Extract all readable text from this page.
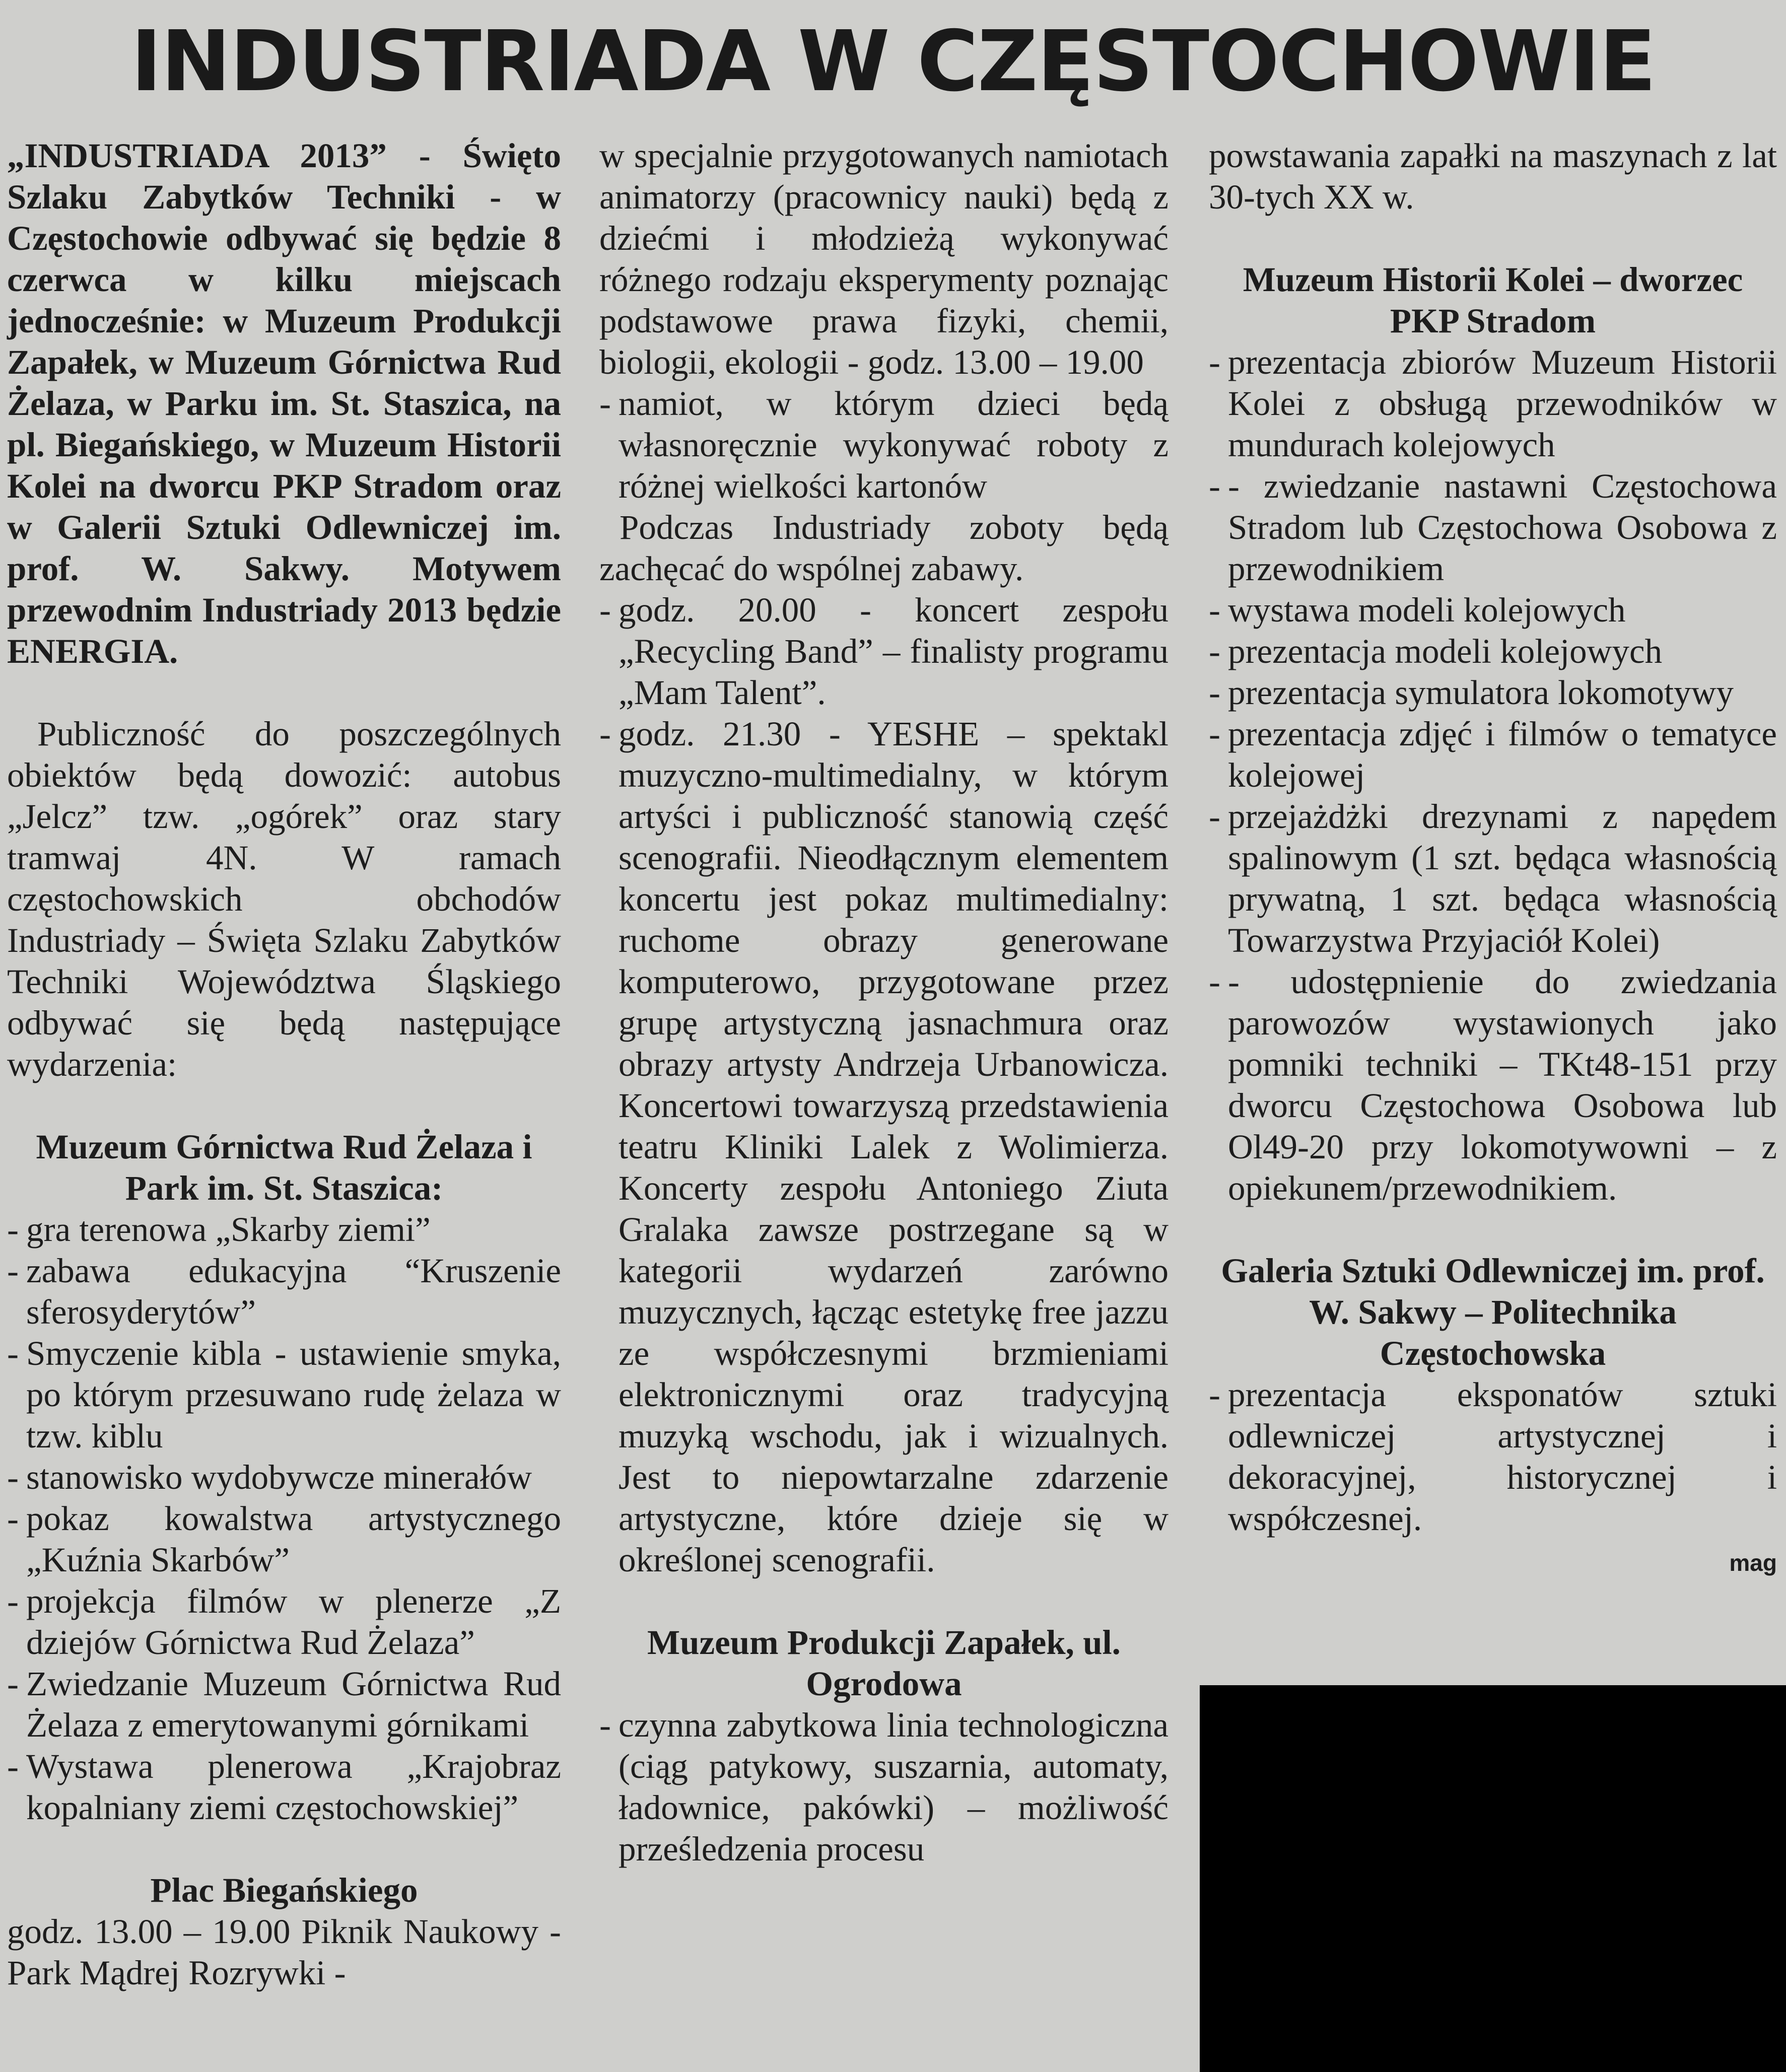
INDUSTRIADA W CZĘSTOCHOWIE

„INDUSTRIADA 2013” - Święto Szlaku Zabytków Techniki - w Częstochowie odbywać się będzie 8 czerwca w kilku miejscach jednocześnie: w Muzeum Produkcji Zapałek, w Muzeum Górnictwa Rud Żelaza, w Parku im. St. Staszica, na pl. Biegańskiego, w Muzeum Historii Kolei na dworcu PKP Stradom oraz w Galerii Sztuki Odlewniczej im. prof. W. Sakwy. Motywem przewodnim Industriady 2013 będzie ENERGIA.

Publiczność do poszczególnych obiektów będą dowozić: autobus „Jelcz” tzw. „ogórek” oraz stary tramwaj 4N. W ramach częstochowskich obchodów Industriady – Święta Szlaku Zabytków Techniki Województwa Śląskiego odbywać się będą następujące wydarzenia:

Muzeum Górnictwa Rud Żelaza i Park im. St. Staszica:

- gra terenowa „Skarby ziemi”
- zabawa edukacyjna “Kruszenie sferosyderytów”
- Smyczenie kibla - ustawienie smyka, po którym przesuwano rudę żelaza w tzw. kiblu
- stanowisko wydobywcze minerałów
- pokaz kowalstwa artystycznego „Kuźnia Skarbów”
- projekcja filmów w plenerze „Z dziejów Górnictwa Rud Żelaza”
- Zwiedzanie Muzeum Górnictwa Rud Żelaza z emerytowanymi górnikami
- Wystawa plenerowa „Krajobraz kopalniany ziemi częstochowskiej”

Plac Biegańskiego

godz. 13.00 – 19.00 Piknik Naukowy - Park Mądrej Rozrywki -

w specjalnie przygotowanych namiotach animatorzy (pracownicy nauki) będą z dziećmi i młodzieżą wykonywać różnego rodzaju eksperymenty poznając podstawowe prawa fizyki, chemii, biologii, ekologii - godz. 13.00 – 19.00

- namiot, w którym dzieci będą własnoręcznie wykonywać roboty z różnej wielkości kartonów

Podczas Industriady zoboty będą zachęcać do wspólnej zabawy.

- godz. 20.00 - koncert zespołu „Recycling Band” – finalisty programu „Mam Talent”.
- godz. 21.30 - YESHE – spektakl muzyczno-multimedialny, w którym artyści i publiczność stanowią część scenografii. Nieodłącznym elementem koncertu jest pokaz multimedialny: ruchome obrazy generowane komputerowo, przygotowane przez grupę artystyczną jasnachmura oraz obrazy artysty Andrzeja Urbanowicza. Koncertowi towarzyszą przedstawienia teatru Kliniki Lalek z Wolimierza. Koncerty zespołu Antoniego Ziuta Gralaka zawsze postrzegane są w kategorii wydarzeń zarówno muzycznych, łącząc estetykę free jazzu ze współczesnymi brzmieniami elektronicznymi oraz tradycyjną muzyką wschodu, jak i wizualnych. Jest to niepowtarzalne zdarzenie artystyczne, które dzieje się w określonej scenografii.

Muzeum Produkcji Zapałek, ul. Ogrodowa

- czynna zabytkowa linia technologiczna (ciąg patykowy, suszarnia, automaty, ładownice, pakówki) – możliwość prześledzenia procesu

powstawania zapałki na maszynach z lat 30-tych XX w.

Muzeum Historii Kolei – dworzec PKP Stradom

- prezentacja zbiorów Muzeum Historii Kolei z obsługą przewodników w mundurach kolejowych
- - zwiedzanie nastawni Częstochowa Stradom lub Częstochowa Osobowa z przewodnikiem
- wystawa modeli kolejowych
- prezentacja modeli kolejowych
- prezentacja symulatora lokomotywy
- prezentacja zdjęć i filmów o tematyce kolejowej
- przejażdżki drezynami z napędem spalinowym (1 szt. będąca własnością prywatną, 1 szt. będąca własnością Towarzystwa Przyjaciół Kolei)
- - udostępnienie do zwiedzania parowozów wystawionych jako pomniki techniki – TKt48-151 przy dworcu Częstochowa Osobowa lub Ol49-20 przy lokomotywowni – z opiekunem/przewodnikiem.

Galeria Sztuki Odlewniczej im. prof. W. Sakwy – Politechnika Częstochowska

- prezentacja eksponatów sztuki odlewniczej artystycznej i dekoracyjnej, historycznej i współczesnej.
mag
